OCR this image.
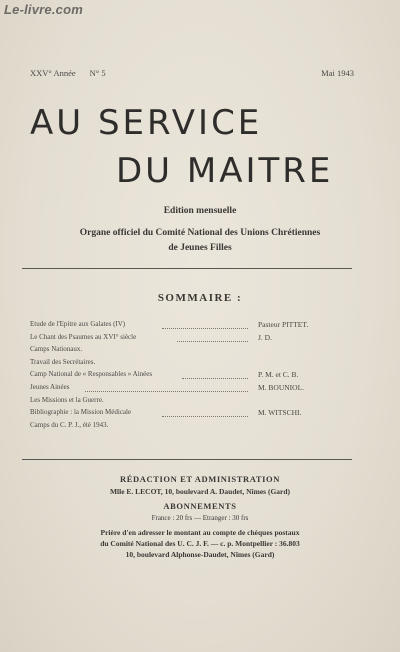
Le-livre.com
XXV° Année N° 5	Mai 1943
AU SERVICE
DU MAITRE
Edition mensuelle
Organe officiel du Comité National des Unions Chrétiennes
de Jeunes Filles
SOMMAIRE :
Etude de l'Epitre aux Galates (IV)	Pasteur PITTET.
Le Chant des Psaumes au XVI° siècle	J. D.
Camps Nationaux.
Travail des Secrétaires.
Camp National de « Responsables » Ainées	P. M. et C. B.
Jeunes Ainées	M. BOUNIOL.
Les Missions et la Guerre.
Bibliographie : la Mission Médicale	M. WITSCHI.
Camps du C. P. J., été 1943.
RÉDACTION ET ADMINISTRATION
Mlle E. LECOT, 10, boulevard A. Daudet, Nîmes (Gard)
ABONNEMENTS
France : 20 frs — Etranger : 30 frs
Prière d'en adresser le montant au compte de chèques postaux
du Comité National des U. C. J. F. — c. p. Montpellier : 36.803
10, boulevard Alphonse-Daudet, Nîmes (Gard)
